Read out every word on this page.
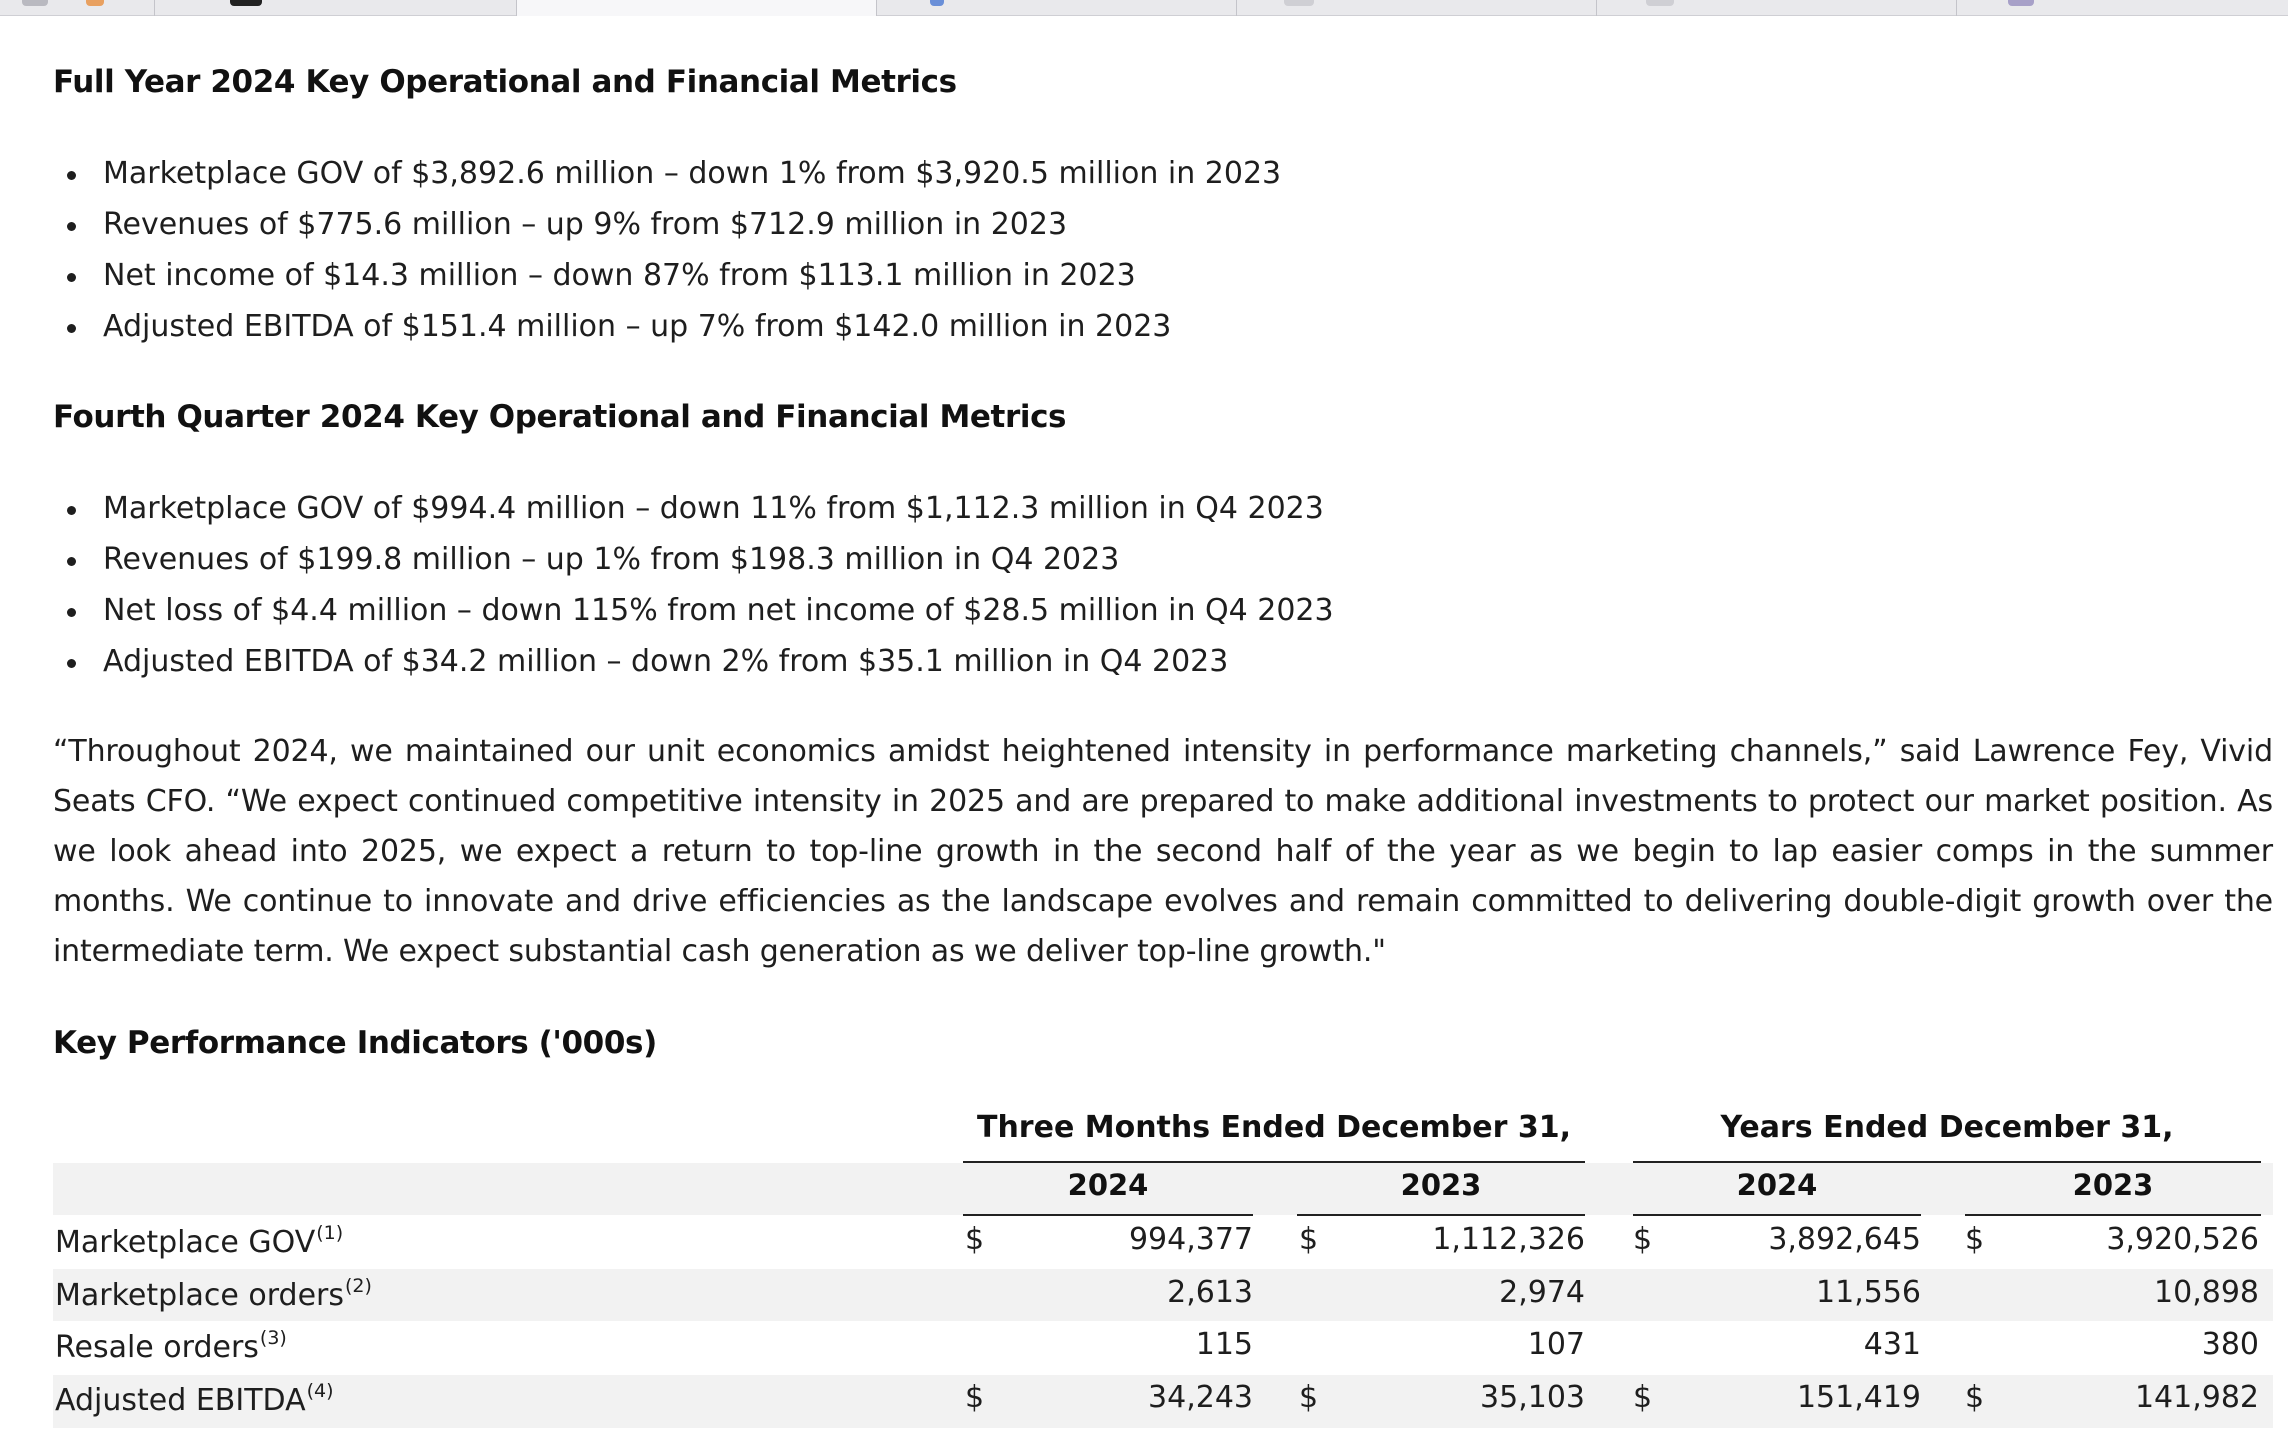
Full Year 2024 Key Operational and Financial Metrics
Marketplace GOV of $3,892.6 million – down 1% from $3,920.5 million in 2023
Revenues of $775.6 million – up 9% from $712.9 million in 2023
Net income of $14.3 million – down 87% from $113.1 million in 2023
Adjusted EBITDA of $151.4 million – up 7% from $142.0 million in 2023
Fourth Quarter 2024 Key Operational and Financial Metrics
Marketplace GOV of $994.4 million – down 11% from $1,112.3 million in Q4 2023
Revenues of $199.8 million – up 1% from $198.3 million in Q4 2023
Net loss of $4.4 million – down 115% from net income of $28.5 million in Q4 2023
Adjusted EBITDA of $34.2 million – down 2% from $35.1 million in Q4 2023

“Throughout 2024, we maintained our unit economics amidst heightened intensity in performance marketing channels,” said Lawrence Fey, Vivid Seats CFO. “We expect continued competitive intensity in 2025 and are prepared to make additional investments to protect our market position. As we look ahead into 2025, we expect a return to top-line growth in the second half of the year as we begin to lap easier comps in the summer months. We continue to innovate and drive efficiencies as the landscape evolves and remain committed to delivering double-digit growth over the intermediate term. We expect substantial cash generation as we deliver top-line growth."

Key Performance Indicators ('000s)
Three Months Ended December 31,	Years Ended December 31,
2024	2023	2024	2023
Marketplace GOV$^{(1)}$	$	994,377 $	1,112,326 $	3,892,645 $	3,920,526
Marketplace orders$^{(2)}$	2,613	2,974	11,556	10,898
Resale orders$^{(3)}$	115	107	431	380
Adjusted EBITDA$^{(4)}$	$	34,243 $	35,103 $	151,419 $	141,982
